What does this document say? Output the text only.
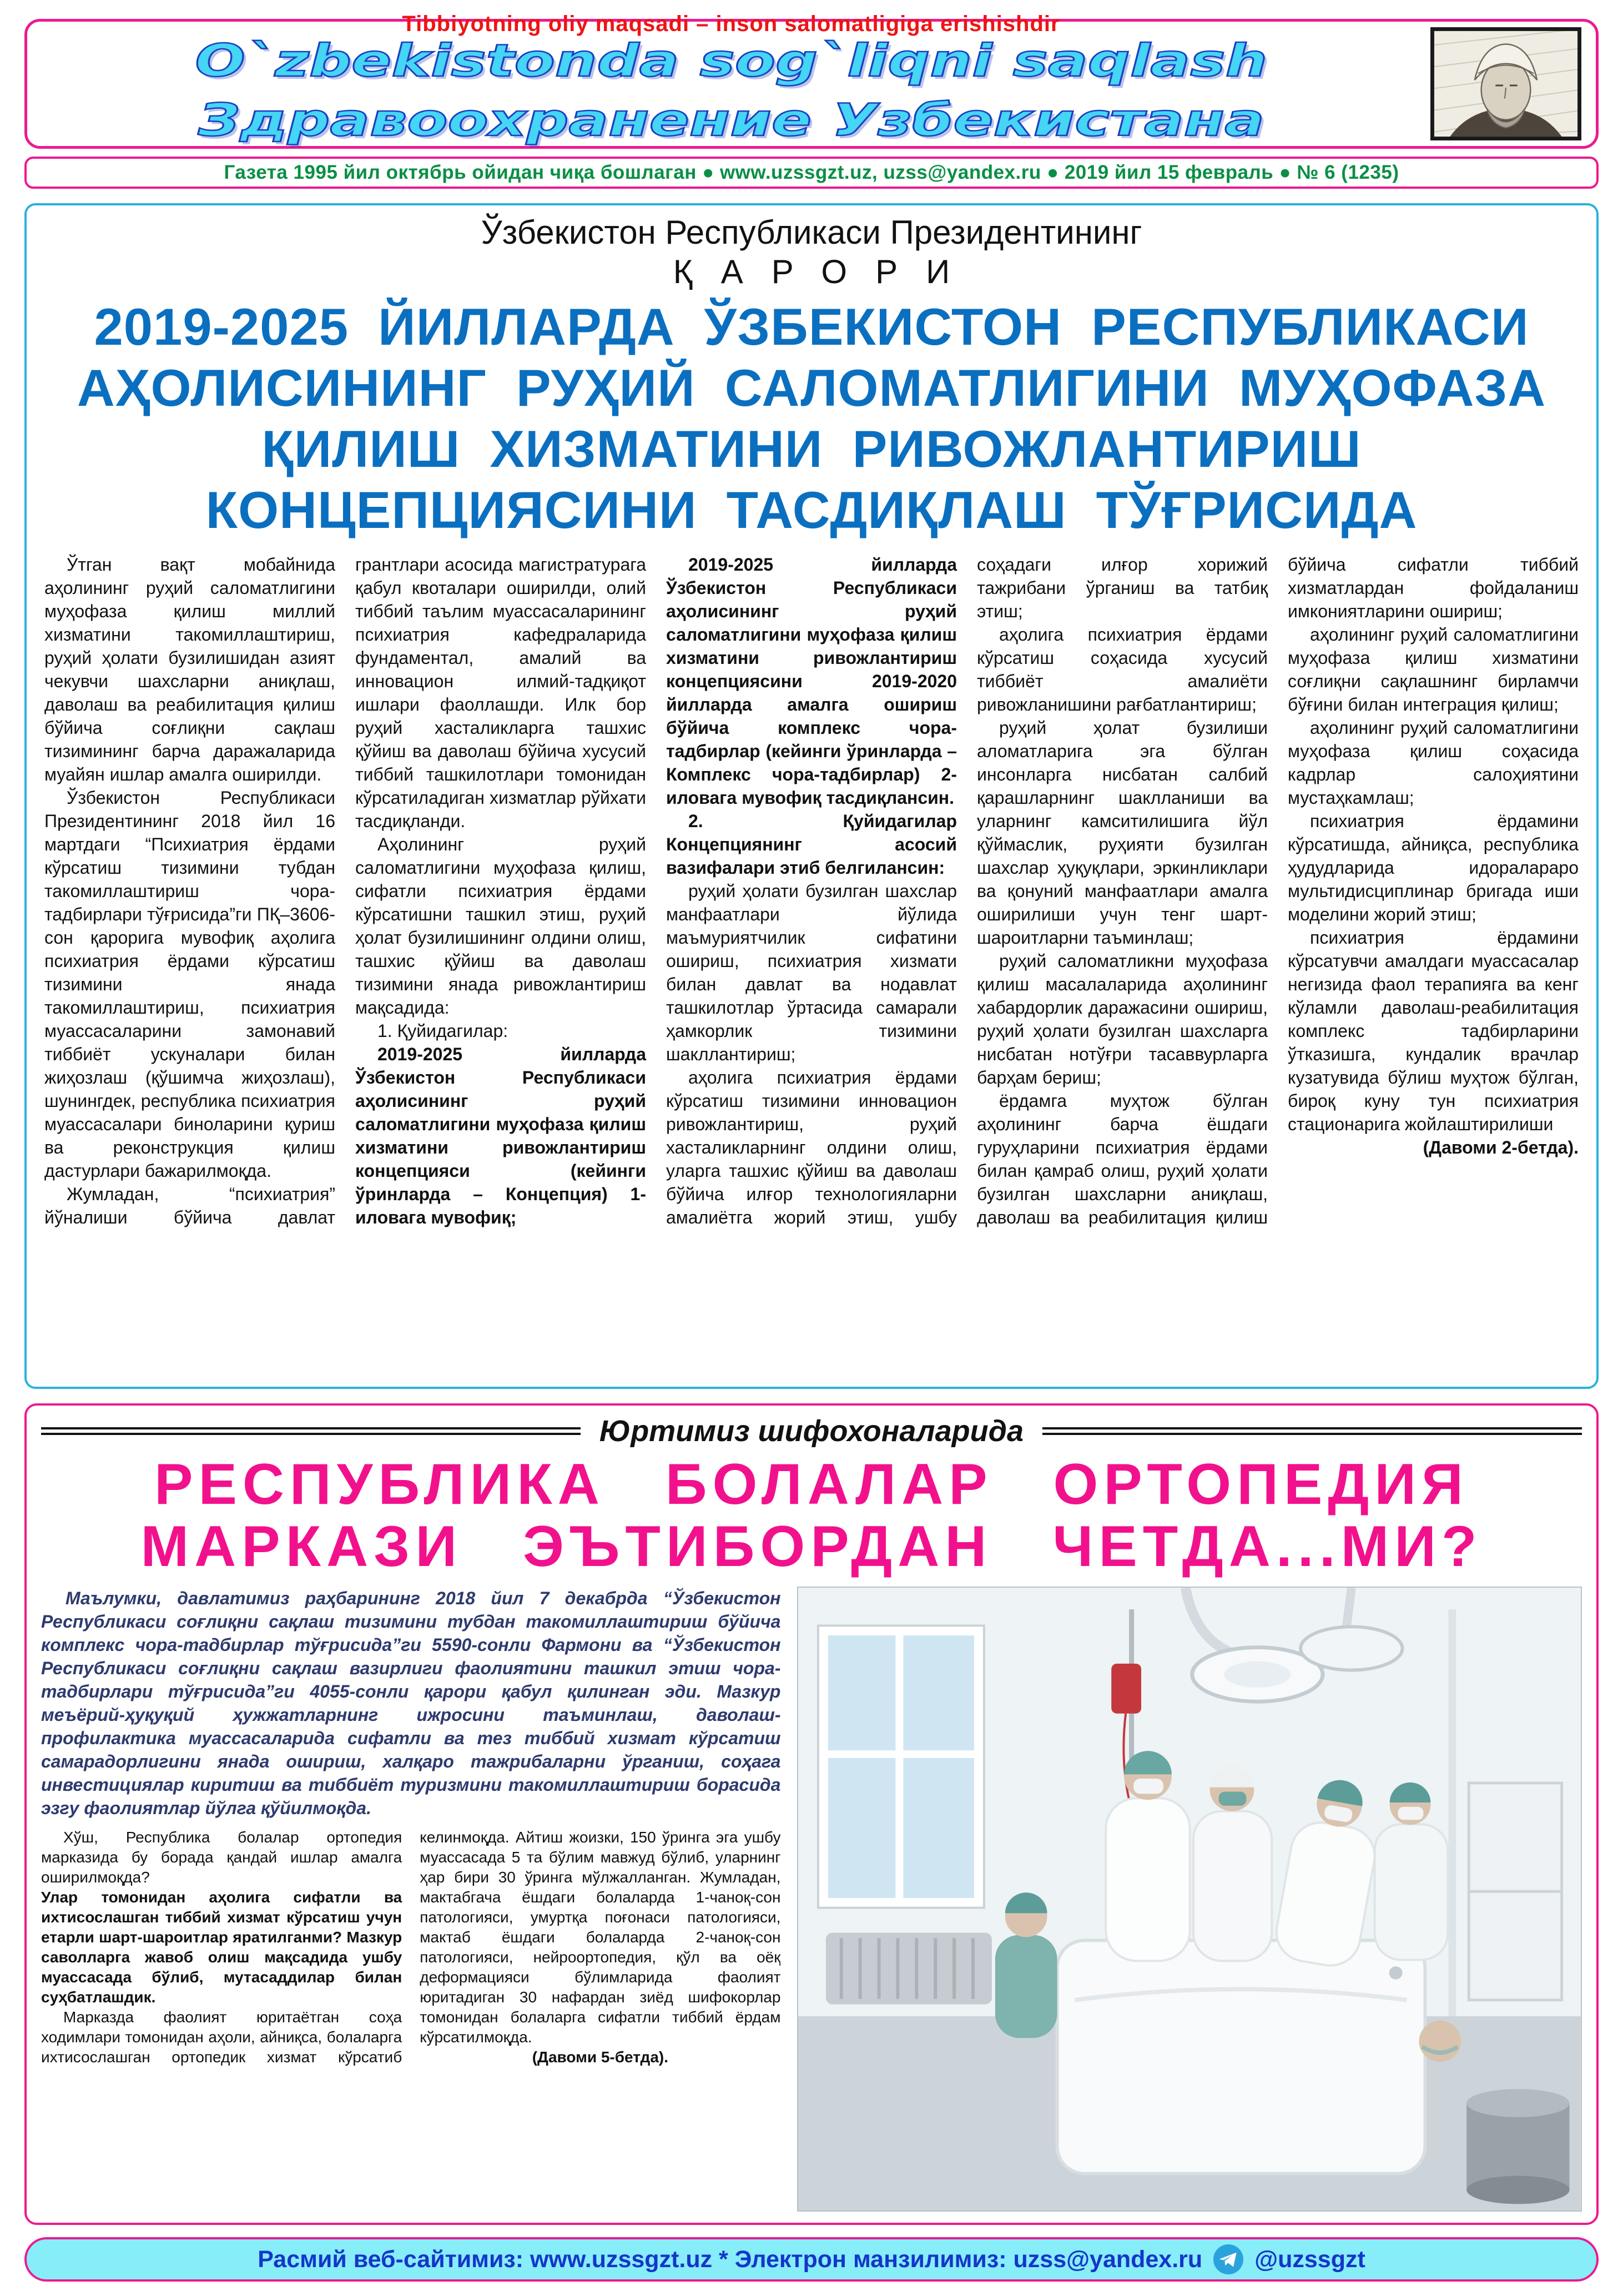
Tibbiyotning oliy maqsadi – inson salomatligiga erishishdir
O`zbekistonda sog`liqni saqlash
Здравоохранение Узбекистана
Газета 1995 йил октябрь ойидан чиқа бошлаган ● www.uzssgzt.uz, uzss@yandex.ru ● 2019 йил 15 февраль ● № 6 (1235)
Ўзбекистон Республикаси Президентининг
ҚАРОРИ
2019-2025 ЙИЛЛАРДА ЎЗБЕКИСТОН РЕСПУБЛИКАСИ
АҲОЛИСИНИНГ РУҲИЙ САЛОМАТЛИГИНИ МУҲОФАЗА
ҚИЛИШ ХИЗМАТИНИ РИВОЖЛАНТИРИШ
КОНЦЕПЦИЯСИНИ ТАСДИҚЛАШ ТЎҒРИСИДА

Ўтган вақт мобайнида аҳолининг руҳий саломатлигини муҳофаза қилиш миллий хизматини такомиллаштириш, руҳий ҳолати бузилишидан азият чекувчи шахсларни аниқлаш, даволаш ва реабилитация қилиш бўйича соғлиқни сақлаш тизимининг барча даражаларида муайян ишлар амалга оширилди.

Ўзбекистон Республикаси Президентининг 2018 йил 16 мартдаги “Психиатрия ёрдами кўрсатиш тизимини тубдан такомиллаштириш чора-тадбирлари тўғрисида”ги ПҚ–3606-сон қарорига мувофиқ аҳолига психиатрия ёрдами кўрсатиш тизимини янада такомиллаштириш, психиатрия муассасаларини замонавий тиббиёт ускуналари билан жиҳозлаш (қўшимча жиҳозлаш), шунингдек, республика психиатрия муассасалари биноларини қуриш ва реконструкция қилиш дастурлари бажарилмоқда.

Жумладан, “психиатрия” йўналиши бўйича давлат грантлари асосида магистратурага қабул квоталари оширилди, олий тиббий таълим муассасаларининг психиатрия кафедраларида фундаментал, амалий ва инновацион илмий-тадқиқот ишлари фаоллашди. Илк бор руҳий хасталикларга ташхис қўйиш ва даволаш бўйича хусусий тиббий ташкилотлари томонидан кўрсатиладиган хизматлар рўйхати тасдиқланди.

Аҳолининг руҳий саломатлигини муҳофаза қилиш, сифатли психиатрия ёрдами кўрсатишни ташкил этиш, руҳий ҳолат бузилишининг олдини олиш, ташхис қўйиш ва даволаш тизимини янада ривожлантириш мақсадида:

1. Қуйидагилар:

2019-2025 йилларда Ўзбекистон Республикаси аҳолисининг руҳий саломатлигини муҳофаза қилиш хизматини ривожлантириш концепцияси (кейинги ўринларда – Концепция) 1-иловага мувофиқ;

2019-2025 йилларда Ўзбекистон Республикаси аҳолисининг руҳий саломатлигини муҳофаза қилиш хизматини ривожлантириш концепциясини 2019-2020 йилларда амалга ошириш бўйича комплекс чора-тадбирлар (кейинги ўринларда – Комплекс чора-тадбирлар) 2-иловага мувофиқ тасдиқлансин.

2. Қуйидагилар Концепциянинг асосий вазифалари этиб белгилансин:

руҳий ҳолати бузилган шахслар манфаатлари йўлида маъмуриятчилик сифатини ошириш, психиатрия хизмати билан давлат ва нодавлат ташкилотлар ўртасида самарали ҳамкорлик тизимини шакллантириш;

аҳолига психиатрия ёрдами кўрсатиш тизимини инновацион ривожлантириш, руҳий хасталикларнинг олдини олиш, уларга ташхис қўйиш ва даволаш бўйича илғор технологияларни амалиётга жорий этиш, ушбу соҳадаги илғор хорижий тажрибани ўрганиш ва татбиқ этиш;

аҳолига психиатрия ёрдами кўрсатиш соҳасида хусусий тиббиёт амалиёти ривожланишини рағбатлантириш;

руҳий ҳолат бузилиши аломатларига эга бўлган инсонларга нисбатан салбий қарашларнинг шаклланиши ва уларнинг камситилишига йўл қўймаслик, руҳияти бузилган шахслар ҳуқуқлари, эркинликлари ва қонуний манфаатлари амалга оширилиши учун тенг шарт-шароитларни таъминлаш;

руҳий саломатликни муҳофаза қилиш масалаларида аҳолининг хабардорлик даражасини ошириш, руҳий ҳолати бузилган шахсларга нисбатан нотўғри тасаввурларга барҳам бериш;

ёрдамга муҳтож бўлган аҳолининг барча ёшдаги гуруҳларини психиатрия ёрдами билан қамраб олиш, руҳий ҳолати бузилган шахсларни аниқлаш, даволаш ва реабилитация қилиш бўйича сифатли тиббий хизматлардан фойдаланиш имкониятларини ошириш;

аҳолининг руҳий саломатлигини муҳофаза қилиш хизматини соғлиқни сақлашнинг бирламчи бўғини билан интеграция қилиш;

аҳолининг руҳий саломатлигини муҳофаза қилиш соҳасида кадрлар салоҳиятини мустаҳкамлаш;

психиатрия ёрдамини кўрсатишда, айниқса, республика ҳудудларида идоралараро мультидисциплинар бригада иши моделини жорий этиш;

психиатрия ёрдамини кўрсатувчи амалдаги муассасалар негизида фаол терапияга ва кенг кўламли даволаш-реабилитация комплекс тадбирларини ўтказишга, кундалик врачлар кузатувида бўлиш муҳтож бўлган, бироқ куну тун психиатрия стационарига жойлаштирилиши

(Давоми 2-бетда).

Юртимиз шифохоналарида
РЕСПУБЛИКА БОЛАЛАР ОРТОПЕДИЯ
МАРКАЗИ ЭЪТИБОРДАН ЧЕТДА...МИ?

Маълумки, давлатимиз раҳбарининг 2018 йил 7 декабрда “Ўзбекистон Республикаси соғлиқни сақлаш тизимини тубдан такомиллаштириш бўйича комплекс чора-тадбирлар тўғрисида”ги 5590-сонли Фармони ва “Ўзбекистон Республикаси соғлиқни сақлаш вазирлиги фаолиятини ташкил этиш чора-тадбирлари тўғрисида”ги 4055-сонли қарори қабул қилинган эди. Мазкур меъёрий-ҳуқуқий ҳужжатларнинг ижросини таъминлаш, даволаш-профилактика муассасаларида сифатли ва тез тиббий хизмат кўрсатиш самарадорлигини янада ошириш, халқаро тажрибаларни ўрганиш, соҳага инвестициялар киритиш ва тиббиёт туризмини такомиллаштириш борасида эзгу фаолиятлар йўлга қўйилмоқда.

Хўш, Республика болалар ортопедия марказида бу борада қандай ишлар амалга оширилмоқда?

Улар томонидан аҳолига сифатли ва ихтисослашган тиббий хизмат кўрсатиш учун етарли шарт-шароитлар яратилганми? Мазкур саволларга жавоб олиш мақсадида ушбу муассасада бўлиб, мутасаддилар билан суҳбатлашдик.

Марказда фаолият юритаётган соҳа ходимлари томонидан аҳоли, айниқса, болаларга ихтисослашган ортопедик хизмат кўрсатиб келинмоқда. Айтиш жоизки, 150 ўринга эга ушбу муассасада 5 та бўлим мавжуд бўлиб, уларнинг ҳар бири 30 ўринга мўлжалланган. Жумладан, мактабгача ёшдаги болаларда 1-чаноқ-сон патологияси, умуртқа поғонаси патологияси, мактаб ёшдаги болаларда 2-чаноқ-сон патологияси, нейроортопедия, қўл ва оёқ деформацияси бўлимларида фаолият юритадиган 30 нафардан зиёд шифокорлар томонидан болаларга сифатли тиббий ёрдам кўрсатилмоқда.

(Давоми 5-бетда).

Расмий веб-сайтимиз: www.uzssgzt.uz * Электрон манзилимиз: uzss@yandex.ru @uzssgzt
